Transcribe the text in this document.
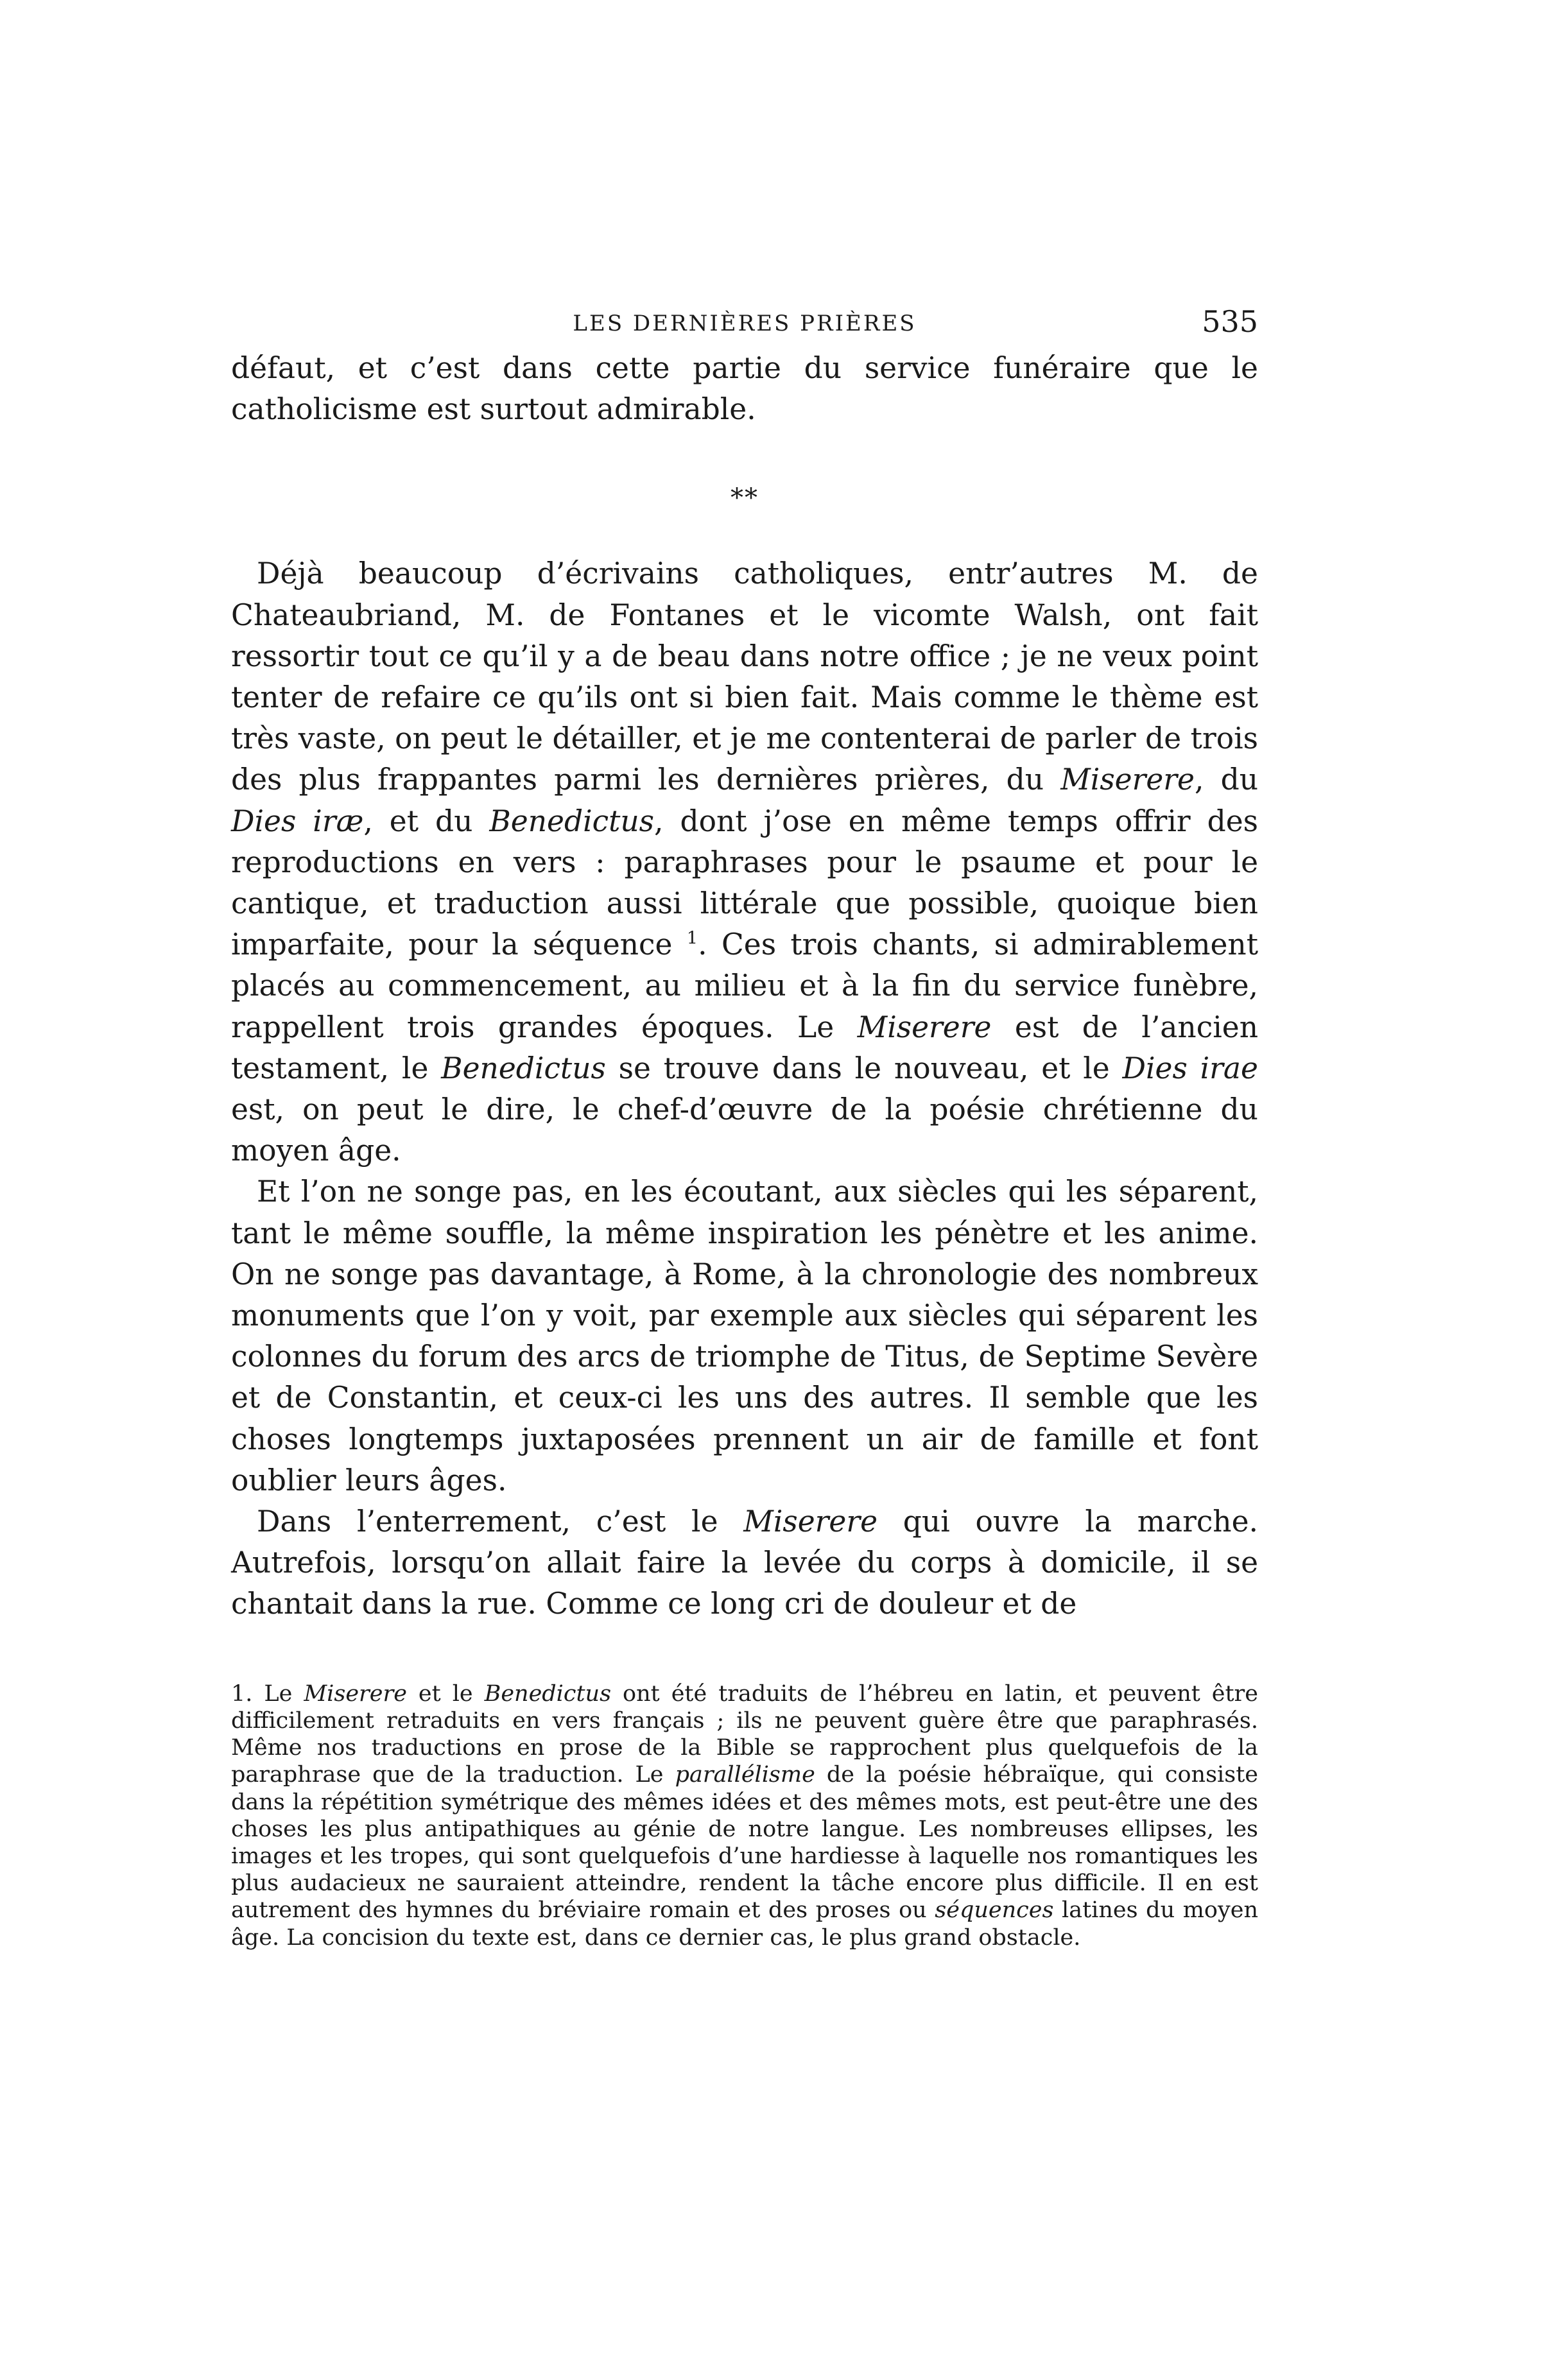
LES DERNIÈRES PRIÈRES	535

défaut, et c’est dans cette partie du service funéraire que le catholicisme est surtout admirable.

**

Déjà beaucoup d’écrivains catholiques, entr’autres M. de Chateaubriand, M. de Fontanes et le vicomte Walsh, ont fait ressortir tout ce qu’il y a de beau dans notre office ; je ne veux point tenter de refaire ce qu’ils ont si bien fait. Mais comme le thème est très vaste, on peut le détailler, et je me contenterai de parler de trois des plus frappantes parmi les dernières prières, du Miserere, du Dies iræ, et du Benedictus, dont j’ose en même temps offrir des reproductions en vers : paraphrases pour le psaume et pour le cantique, et traduction aussi littérale que possible, quoique bien imparfaite, pour la séquence $^1$. Ces trois chants, si admirablement placés au commencement, au milieu et à la fin du service funèbre, rappellent trois grandes époques. Le Miserere est de l’ancien testament, le Benedictus se trouve dans le nouveau, et le Dies irae est, on peut le dire, le chef-d’œuvre de la poésie chrétienne du moyen âge.

Et l’on ne songe pas, en les écoutant, aux siècles qui les séparent, tant le même souffle, la même inspiration les pénètre et les anime. On ne songe pas davantage, à Rome, à la chronologie des nombreux monuments que l’on y voit, par exemple aux siècles qui séparent les colonnes du forum des arcs de triomphe de Titus, de Septime Sevère et de Constantin, et ceux-ci les uns des autres. Il semble que les choses longtemps juxtaposées prennent un air de famille et font oublier leurs âges.

Dans l’enterrement, c’est le Miserere qui ouvre la marche. Autrefois, lorsqu’on allait faire la levée du corps à domicile, il se chantait dans la rue. Comme ce long cri de douleur et de

1. Le Miserere et le Benedictus ont été traduits de l’hébreu en latin, et peuvent être difficilement retraduits en vers français ; ils ne peuvent guère être que paraphrasés. Même nos traductions en prose de la Bible se rapprochent plus quelquefois de la paraphrase que de la traduction. Le parallélisme de la poésie hébraïque, qui consiste dans la répétition symétrique des mêmes idées et des mêmes mots, est peut-être une des choses les plus antipathiques au génie de notre langue. Les nombreuses ellipses, les images et les tropes, qui sont quelquefois d’une hardiesse à laquelle nos romantiques les plus audacieux ne sauraient atteindre, rendent la tâche encore plus difficile. Il en est autrement des hymnes du bréviaire romain et des proses ou séquences latines du moyen âge. La concision du texte est, dans ce dernier cas, le plus grand obstacle.
